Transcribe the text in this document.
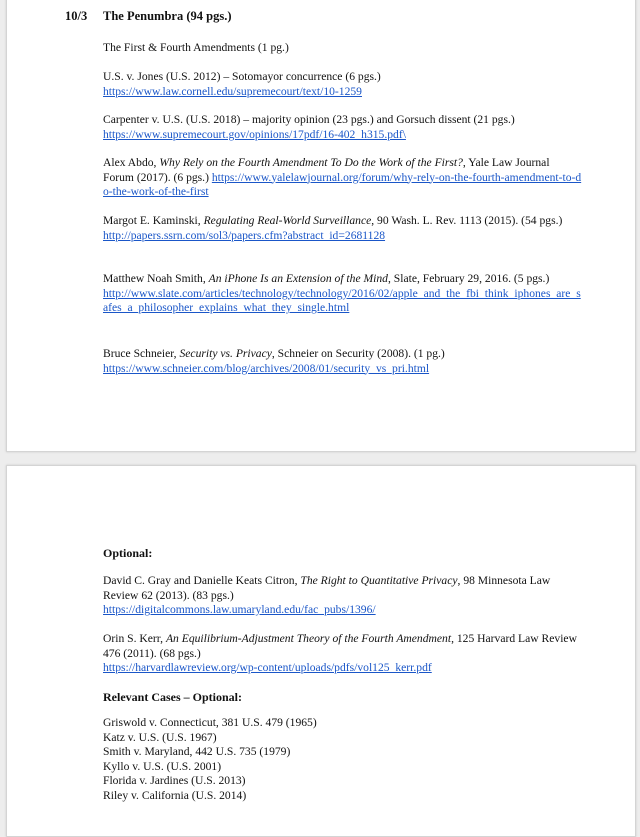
10/3 The Penumbra (94 pgs.)
The First & Fourth Amendments (1 pg.)
U.S. v. Jones (U.S. 2012) – Sotomayor concurrence (6 pgs.)
https://www.law.cornell.edu/supremecourt/text/10-1259
Carpenter v. U.S. (U.S. 2018) – majority opinion (23 pgs.) and Gorsuch dissent (21 pgs.)
https://www.supremecourt.gov/opinions/17pdf/16-402_h315.pdf\
Alex Abdo, Why Rely on the Fourth Amendment To Do the Work of the First?, Yale Law Journal Forum (2017). (6 pgs.) https://www.yalelawjournal.org/forum/why-rely-on-the-fourth-amendment-to-do-the-work-of-the-first
Margot E. Kaminski, Regulating Real-World Surveillance, 90 Wash. L. Rev. 1113 (2015). (54 pgs.)
http://papers.ssrn.com/sol3/papers.cfm?abstract_id=2681128
Matthew Noah Smith, An iPhone Is an Extension of the Mind, Slate, February 29, 2016. (5 pgs.)
http://www.slate.com/articles/technology/technology/2016/02/apple_and_the_fbi_think_iphones_are_safes_a_philosopher_explains_what_they_single.html
Bruce Schneier, Security vs. Privacy, Schneier on Security (2008). (1 pg.)
https://www.schneier.com/blog/archives/2008/01/security_vs_pri.html
Optional:
David C. Gray and Danielle Keats Citron, The Right to Quantitative Privacy, 98 Minnesota Law Review 62 (2013). (83 pgs.)
https://digitalcommons.law.umaryland.edu/fac_pubs/1396/
Orin S. Kerr, An Equilibrium-Adjustment Theory of the Fourth Amendment, 125 Harvard Law Review 476 (2011). (68 pgs.)
https://harvardlawreview.org/wp-content/uploads/pdfs/vol125_kerr.pdf
Relevant Cases – Optional:
Griswold v. Connecticut, 381 U.S. 479 (1965)
Katz v. U.S. (U.S. 1967)
Smith v. Maryland, 442 U.S. 735 (1979)
Kyllo v. U.S. (U.S. 2001)
Florida v. Jardines (U.S. 2013)
Riley v. California (U.S. 2014)
